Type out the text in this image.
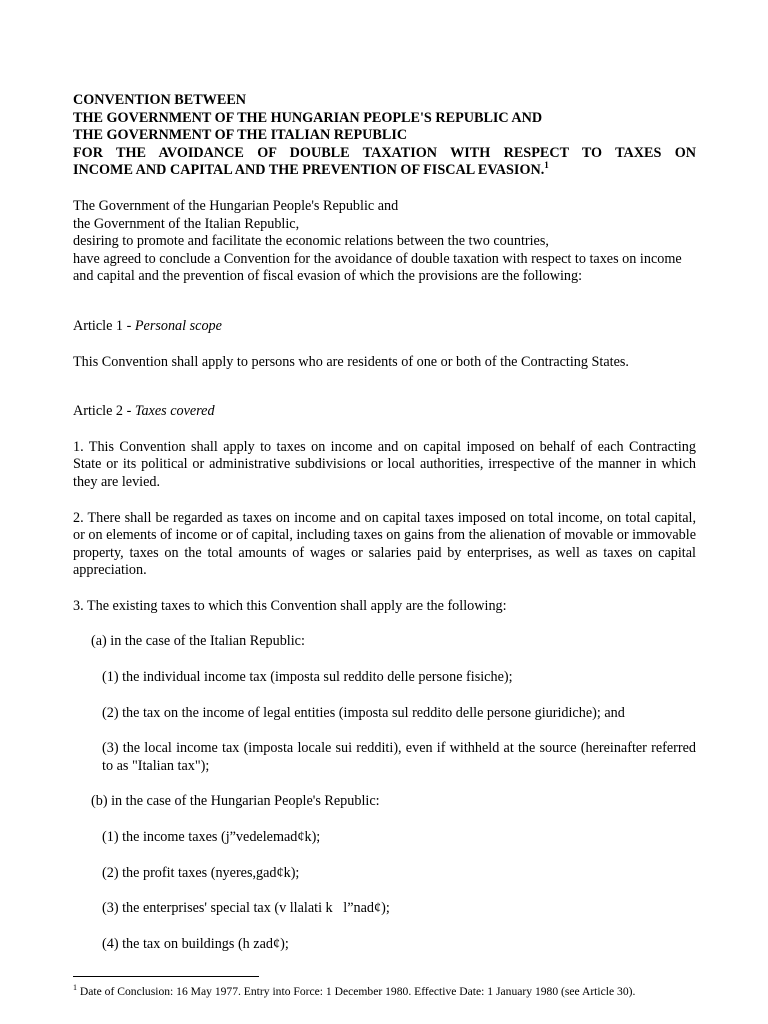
CONVENTION BETWEEN
THE GOVERNMENT OF THE HUNGARIAN PEOPLE'S REPUBLIC AND
THE GOVERNMENT OF THE ITALIAN REPUBLIC
FOR THE AVOIDANCE OF DOUBLE TAXATION WITH RESPECT TO TAXES ON
INCOME AND CAPITAL AND THE PREVENTION OF FISCAL EVASION.$^1$
The Government of the Hungarian People's Republic and
the Government of the Italian Republic,
desiring to promote and facilitate the economic relations between the two countries,
have agreed to conclude a Convention for the avoidance of double taxation with respect to taxes on income and capital and the prevention of fiscal evasion of which the provisions are the following:

Article 1 - Personal scope

This Convention shall apply to persons who are residents of one or both of the Contracting States.

Article 2 - Taxes covered

1. This Convention shall apply to taxes on income and on capital imposed on behalf of each Contracting State or its political or administrative subdivisions or local authorities, irrespective of the manner in which they are levied.

2. There shall be regarded as taxes on income and on capital taxes imposed on total income, on total capital, or on elements of income or of capital, including taxes on gains from the alienation of movable or immovable property, taxes on the total amounts of wages or salaries paid by enterprises, as well as taxes on capital appreciation.

3. The existing taxes to which this Convention shall apply are the following:

(a) in the case of the Italian Republic:

(1) the individual income tax (imposta sul reddito delle persone fisiche);

(2) the tax on the income of legal entities (imposta sul reddito delle persone giuridiche); and

(3) the local income tax (imposta locale sui redditi), even if withheld at the source (hereinafter referred to as "Italian tax");

(b) in the case of the Hungarian People's Republic:

(1) the income taxes (j”vedelemad¢k);

(2) the profit taxes (nyeres,gad¢k);

(3) the enterprises' special tax (v llalati k   l”nad¢);

(4) the tax on buildings (h zad¢);

$^1$ Date of Conclusion: 16 May 1977. Entry into Force: 1 December 1980. Effective Date: 1 January 1980 (see Article 30).
